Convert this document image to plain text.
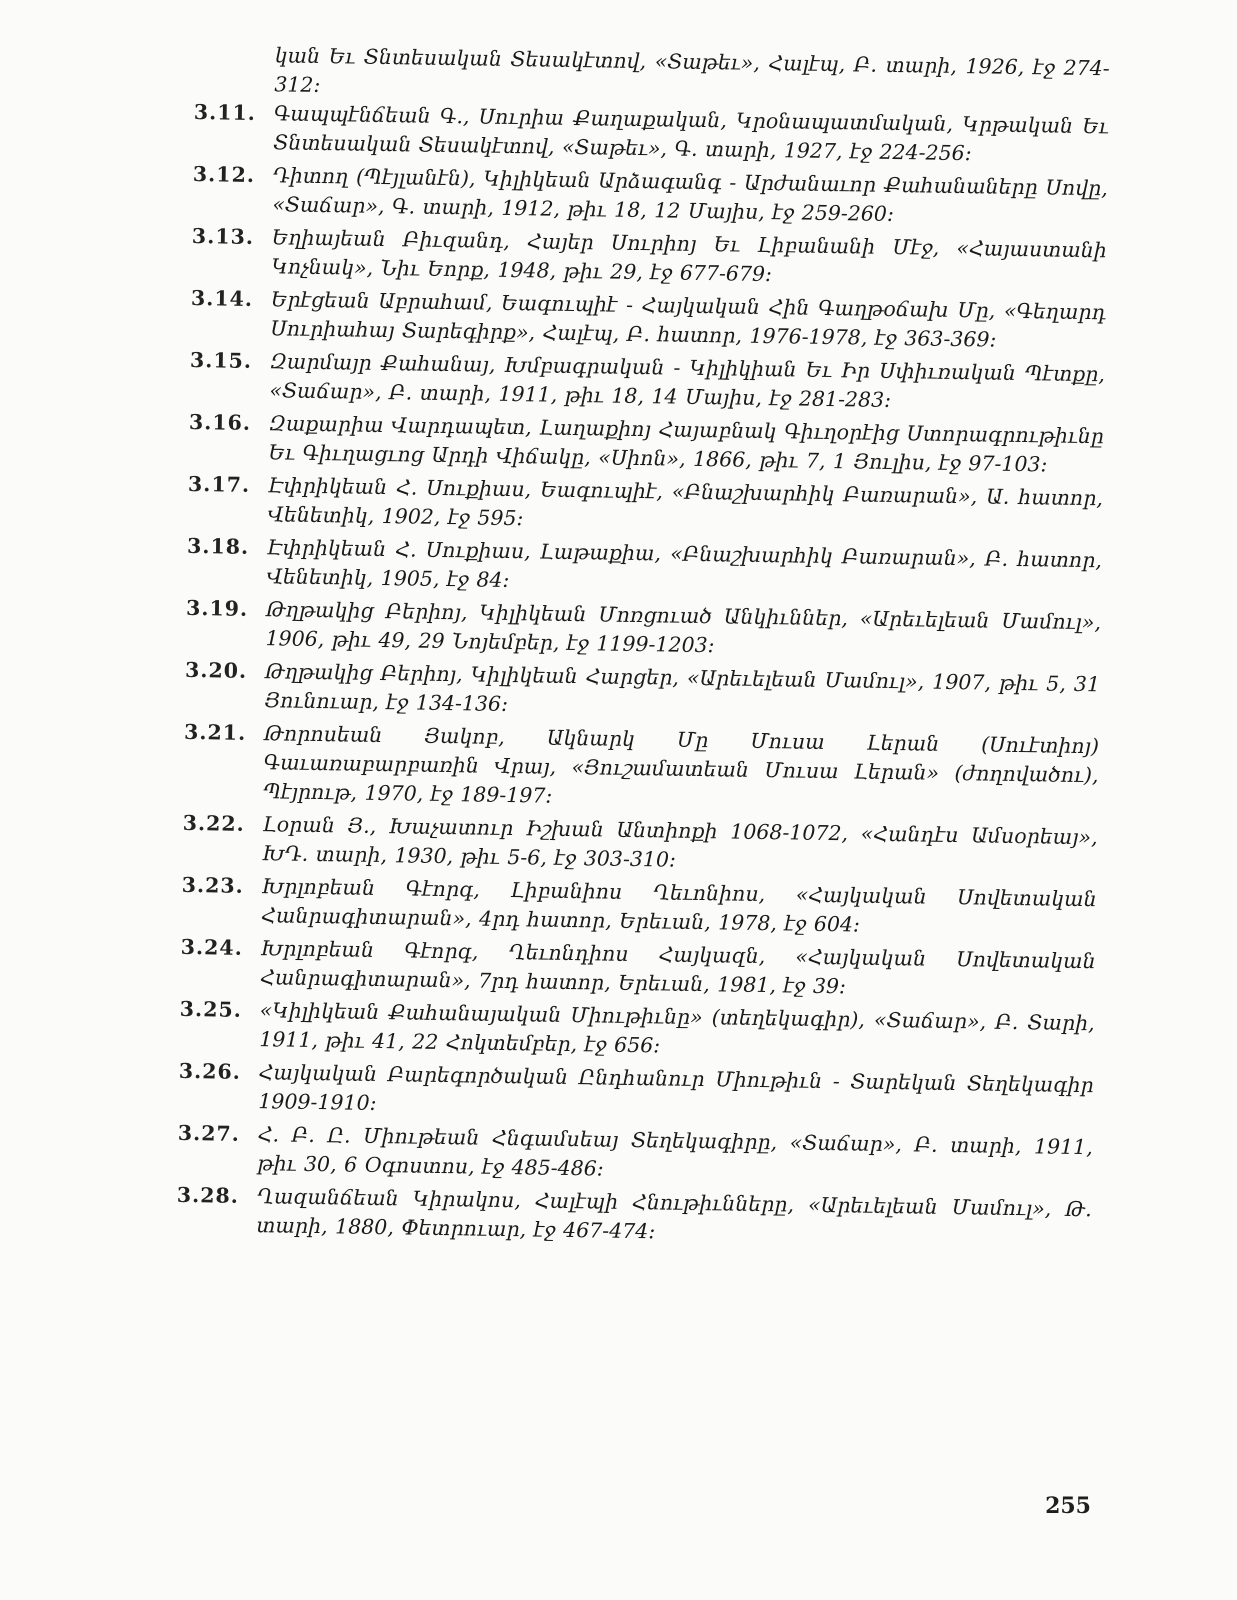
կան Եւ Տնտեսական Տեսակէտով, «Տաթեւ», Հալէպ, Բ. տարի, 1926, էջ 274-312։
3.11. Գապպէնճեան Գ., Սուրիա Քաղաքական, Կրօնապատմական, Կրթական Եւ Տնտեսական Տեսակէտով, «Տաթեւ», Գ. տարի, 1927, էջ 224-256։
3.12. Դիտող (Պէյլանէն), Կիլիկեան Արձագանգ - Արժանաւոր Քահանաները Սովը, «Տաճար», Գ. տարի, 1912, թիւ 18, 12 Մայիս, էջ 259-260։
3.13. Եղիայեան Բիւզանդ, Հայեր Սուրիոյ Եւ Լիբանանի Մէջ, «Հայաստանի Կոչնակ», Նիւ Եորք, 1948, թիւ 29, էջ 677-679։
3.14. Երէցեան Աբրահամ, Եագուպիէ - Հայկական Հին Գաղթօճախ Մը, «Գեղարդ Սուրիահայ Տարեգիրք», Հալէպ, Բ. հատոր, 1976-1978, էջ 363-369։
3.15. Զարմայր Քահանայ, Խմբագրական - Կիլիկիան Եւ Իր Սփիւռական Պէտքը, «Տաճար», Բ. տարի, 1911, թիւ 18, 14 Մայիս, էջ 281-283։
3.16. Զաքարիա Վարդապետ, Լաղաքիոյ Հայաբնակ Գիւղօրէից Ստորագրութիւնը Եւ Գիւղացւոց Արդի Վիճակը, «Սիոն», 1866, թիւ 7, 1 Յուլիս, էջ 97-103։
3.17. Էփրիկեան Հ. Սուքիաս, Եագուպիէ, «Բնաշխարհիկ Բառարան», Ա. հատոր, Վենետիկ, 1902, էջ 595։
3.18. Էփրիկեան Հ. Սուքիաս, Լաթաքիա, «Բնաշխարհիկ Բառարան», Բ. հատոր, Վենետիկ, 1905, էջ 84։
3.19. Թղթակից Բերիոյ, Կիլիկեան Մոռցուած Անկիւններ, «Արեւելեան Մամուլ», 1906, թիւ 49, 29 Նոյեմբեր, էջ 1199-1203։
3.20. Թղթակից Բերիոյ, Կիլիկեան Հարցեր, «Արեւելեան Մամուլ», 1907, թիւ 5, 31 Յունուար, էջ 134-136։
3.21. Թորոսեան Յակոբ, Ակնարկ Մը Մուսա Լերան (Սուէտիոյ) Գաւառաբարբառին Վրայ, «Յուշամատեան Մուսա Լերան» (ժողովածու), Պէյրութ, 1970, էջ 189-197։
3.22. Լօրան Յ., Խաչատուր Իշխան Անտիոքի 1068-1072, «Հանդէս Ամսօրեայ», ԽԴ. տարի, 1930, թիւ 5-6, էջ 303-310։
3.23. Խրլոբեան Գէորգ, Լիբանիոս Ղեւոնիոս, «Հայկական Սովետական Հանրագիտարան», 4րդ հատոր, Երեւան, 1978, էջ 604։
3.24. Խրլոբեան Գէորգ, Ղեւոնդիոս Հայկազն, «Հայկական Սովետական Հանրագիտարան», 7րդ հատոր, Երեւան, 1981, էջ 39։
3.25. «Կիլիկեան Քահանայական Միութիւնը» (տեղեկագիր), «Տաճար», Բ. Տարի, 1911, թիւ 41, 22 Հոկտեմբեր, էջ 656։
3.26. Հայկական Բարեգործական Ընդհանուր Միութիւն - Տարեկան Տեղեկագիր 1909-1910։
3.27. Հ. Բ. Ը. Միութեան Հնգամսեայ Տեղեկագիրը, «Տաճար», Բ. տարի, 1911, թիւ 30, 6 Օգոստոս, էջ 485-486։
3.28. Ղազանճեան Կիրակոս, Հալէպի Հնութիւնները, «Արեւելեան Մամուլ», Թ. տարի, 1880, Փետրուար, էջ 467-474։
255
